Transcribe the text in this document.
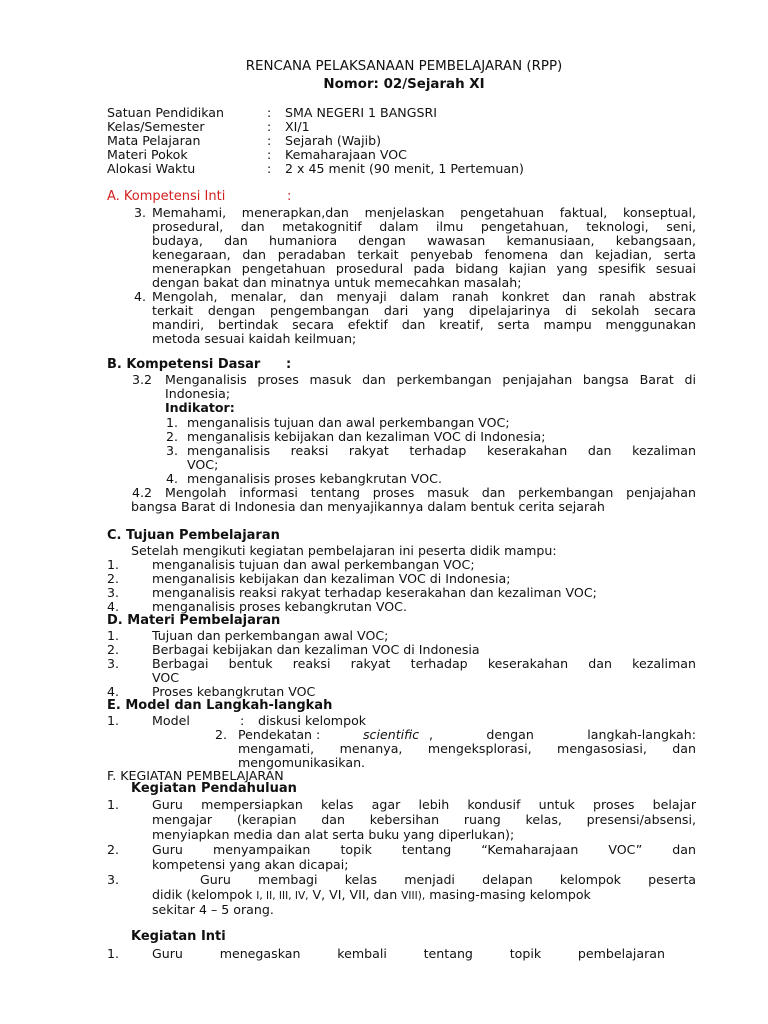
RENCANA PELAKSANAAN PEMBELAJARAN (RPP)
Nomor: 02/Sejarah XI
Satuan Pendidikan	: SMA NEGERI 1 BANGSRI
Kelas/Semester	: XI/1
Mata Pelajaran	: Sejarah (Wajib)
Materi Pokok	: Kemaharajaan VOC
Alokasi Waktu	: 2 x 45 menit (90 menit, 1 Pertemuan)
A. Kompetensi Inti	:
3. Memahami, menerapkan,dan menjelaskan pengetahuan faktual, konseptual,
prosedural, dan metakognitif dalam ilmu pengetahuan, teknologi, seni,
budaya, dan humaniora dengan wawasan kemanusiaan, kebangsaan,
kenegaraan, dan peradaban terkait penyebab fenomena dan kejadian, serta
menerapkan pengetahuan prosedural pada bidang kajian yang spesifik sesuai
dengan bakat dan minatnya untuk memecahkan masalah;
4. Mengolah, menalar, dan menyaji dalam ranah konkret dan ranah abstrak
terkait dengan pengembangan dari yang dipelajarinya di sekolah secara
mandiri, bertindak secara efektif dan kreatif, serta mampu menggunakan
metoda sesuai kaidah keilmuan;
B. Kompetensi Dasar :
3.2 Menganalisis proses masuk dan perkembangan penjajahan bangsa Barat di
Indonesia;
Indikator:
1. menganalisis tujuan dan awal perkembangan VOC;
2. menganalisis kebijakan dan kezaliman VOC di Indonesia;
3. menganalisis reaksi rakyat terhadap keserakahan dan kezaliman
VOC;
4. menganalisis proses kebangkrutan VOC.
4.2 Mengolah informasi tentang proses masuk dan perkembangan penjajahan
bangsa Barat di Indonesia dan menyajikannya dalam bentuk cerita sejarah
C. Tujuan Pembelajaran
Setelah mengikuti kegiatan pembelajaran ini peserta didik mampu:
1.	menganalisis tujuan dan awal perkembangan VOC;
2.	menganalisis kebijakan dan kezaliman VOC di Indonesia;
3.	menganalisis reaksi rakyat terhadap keserakahan dan kezaliman VOC;
4.	menganalisis proses kebangkrutan VOC.
D. Materi Pembelajaran
1.	Tujuan dan perkembangan awal VOC;
2.	Berbagai kebijakan dan kezaliman VOC di Indonesia
3.	Berbagai bentuk reaksi rakyat terhadap keserakahan dan kezaliman
VOC
4.	Proses kebangkrutan VOC
E. Model dan Langkah-langkah
1.	Model	: diskusi kelompok
2. Pendekatan :	scientific , dengan langkah-langkah:
mengamati, menanya, mengeksplorasi, mengasosiasi, dan
mengomunikasikan.
F. KEGIATAN PEMBELAJARAN
Kegiatan Pendahuluan
1.	Guru mempersiapkan kelas agar lebih kondusif untuk proses belajar
mengajar (kerapian dan kebersihan ruang kelas, presensi/absensi,
menyiapkan media dan alat serta buku yang diperlukan);
2.	Guru menyampaikan topik tentang “Kemaharajaan VOC” dan
kompetensi yang akan dicapai;
3.	Guru membagi kelas menjadi delapan kelompok peserta
didik (kelompok I, II, III, IV, V, VI, VII, dan VIII), masing-masing kelompok
sekitar 4 – 5 orang.
Kegiatan Inti
1.	Guru menegaskan kembali tentang topik pembelajaran
